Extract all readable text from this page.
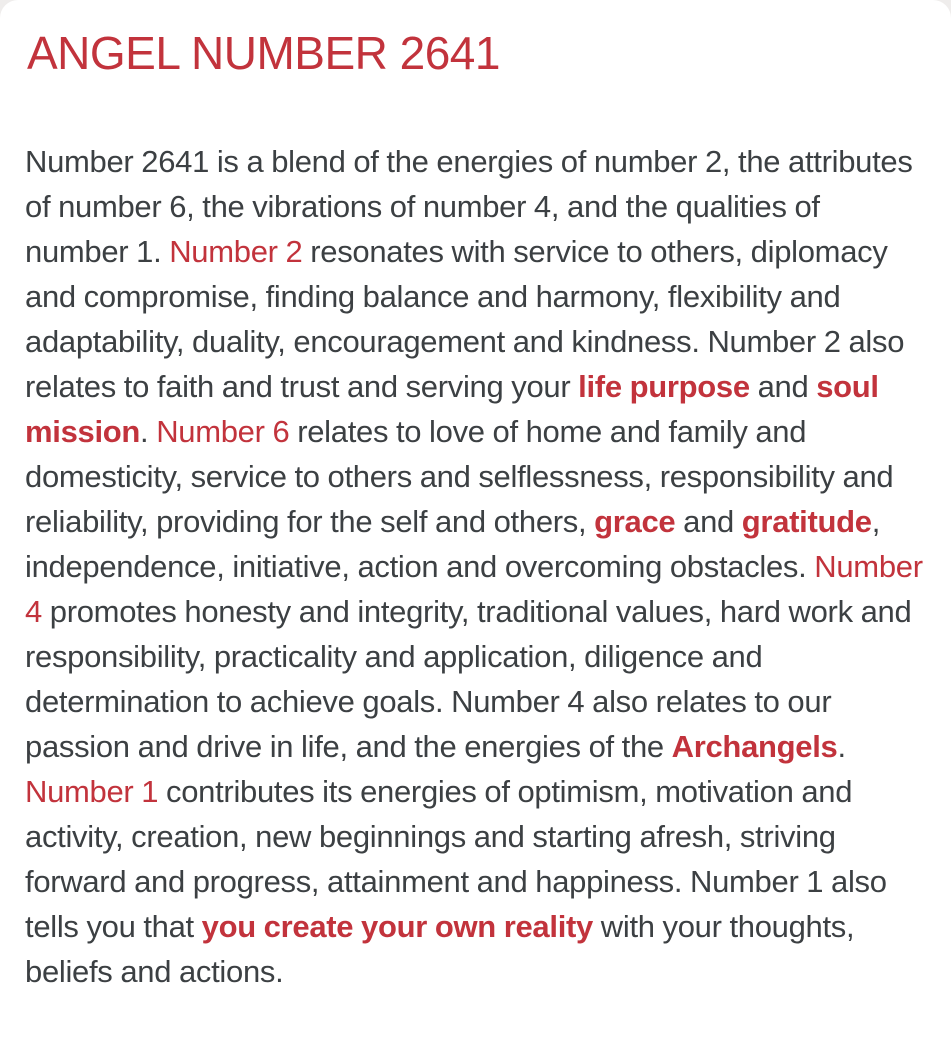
ANGEL NUMBER 2641

Number 2641 is a blend of the energies of number 2, the attributes of number 6, the vibrations of number 4, and the qualities of number 1. Number 2 resonates with service to others, diplomacy and compromise, finding balance and harmony, flexibility and adaptability, duality, encouragement and kindness. Number 2 also relates to faith and trust and serving your life purpose and soul mission. Number 6 relates to love of home and family and domesticity, service to others and selflessness, responsibility and reliability, providing for the self and others, grace and gratitude, independence, initiative, action and overcoming obstacles. Number 4 promotes honesty and integrity, traditional values, hard work and responsibility, practicality and application, diligence and determination to achieve goals. Number 4 also relates to our passion and drive in life, and the energies of the Archangels. Number 1 contributes its energies of optimism, motivation and activity, creation, new beginnings and starting afresh, striving forward and progress, attainment and happiness. Number 1 also tells you that you create your own reality with your thoughts, beliefs and actions.
